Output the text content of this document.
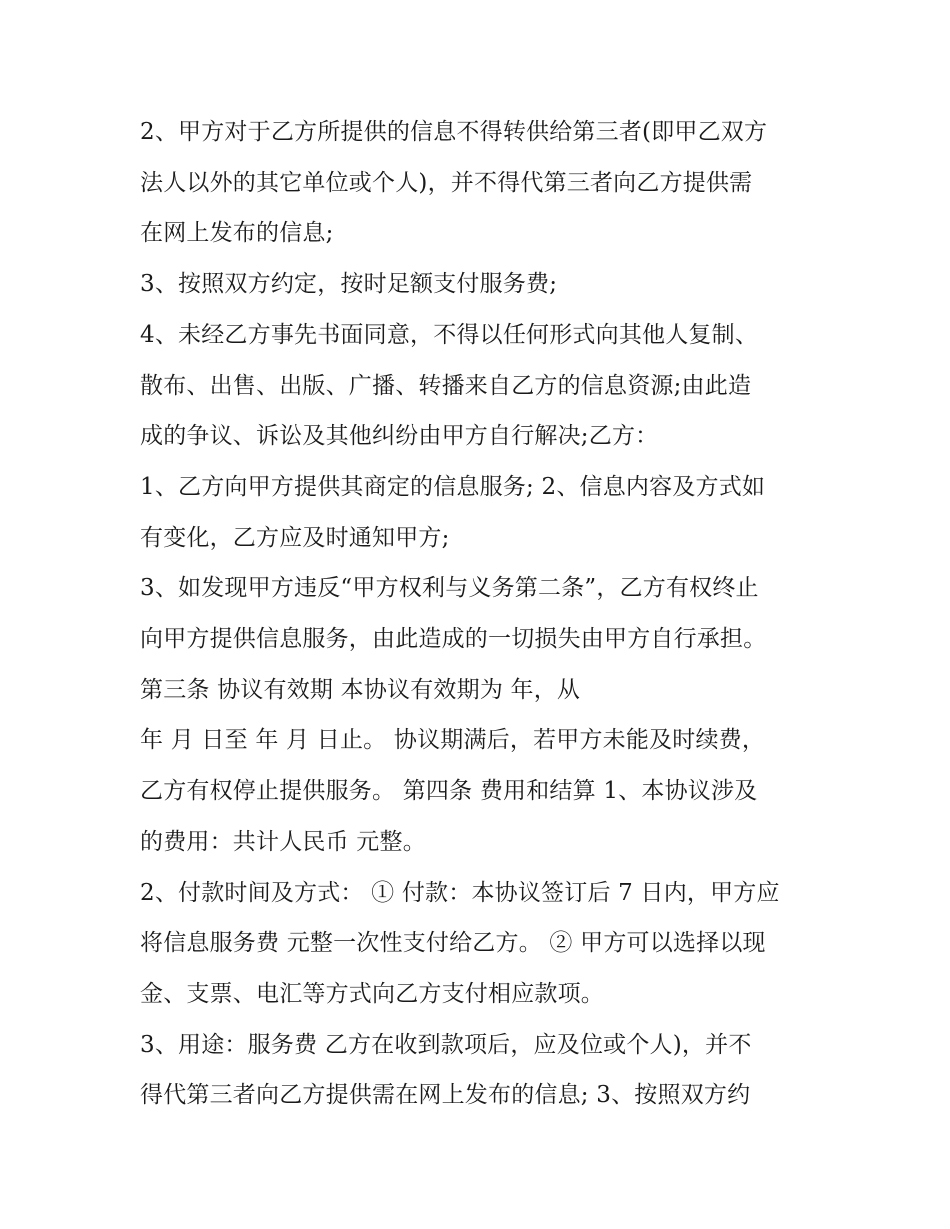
2、甲方对于乙方所提供的信息不得转供给第三者(即甲乙双方

法人以外的其它单位或个人)，并不得代第三者向乙方提供需

在网上发布的信息;

3、按照双方约定，按时足额支付服务费;

4、未经乙方事先书面同意，不得以任何形式向其他人复制、

散布、出售、出版、广播、转播来自乙方的信息资源;由此造

成的争议、诉讼及其他纠纷由甲方自行解决;乙方：

1、乙方向甲方提供其商定的信息服务; 2、信息内容及方式如

有变化，乙方应及时通知甲方;

3、如发现甲方违反“甲方权利与义务第二条”，乙方有权终止

向甲方提供信息服务，由此造成的一切损失由甲方自行承担。

第三条 协议有效期 本协议有效期为 年，从

年 月 日至 年 月 日止。 协议期满后，若甲方未能及时续费，

乙方有权停止提供服务。 第四条 费用和结算 1、本协议涉及

的费用：共计人民币 元整。

2、付款时间及方式： ① 付款：本协议签订后 7 日内，甲方应

将信息服务费 元整一次性支付给乙方。 ② 甲方可以选择以现

金、支票、电汇等方式向乙方支付相应款项。

3、用途：服务费 乙方在收到款项后，应及位或个人)，并不

得代第三者向乙方提供需在网上发布的信息; 3、按照双方约
